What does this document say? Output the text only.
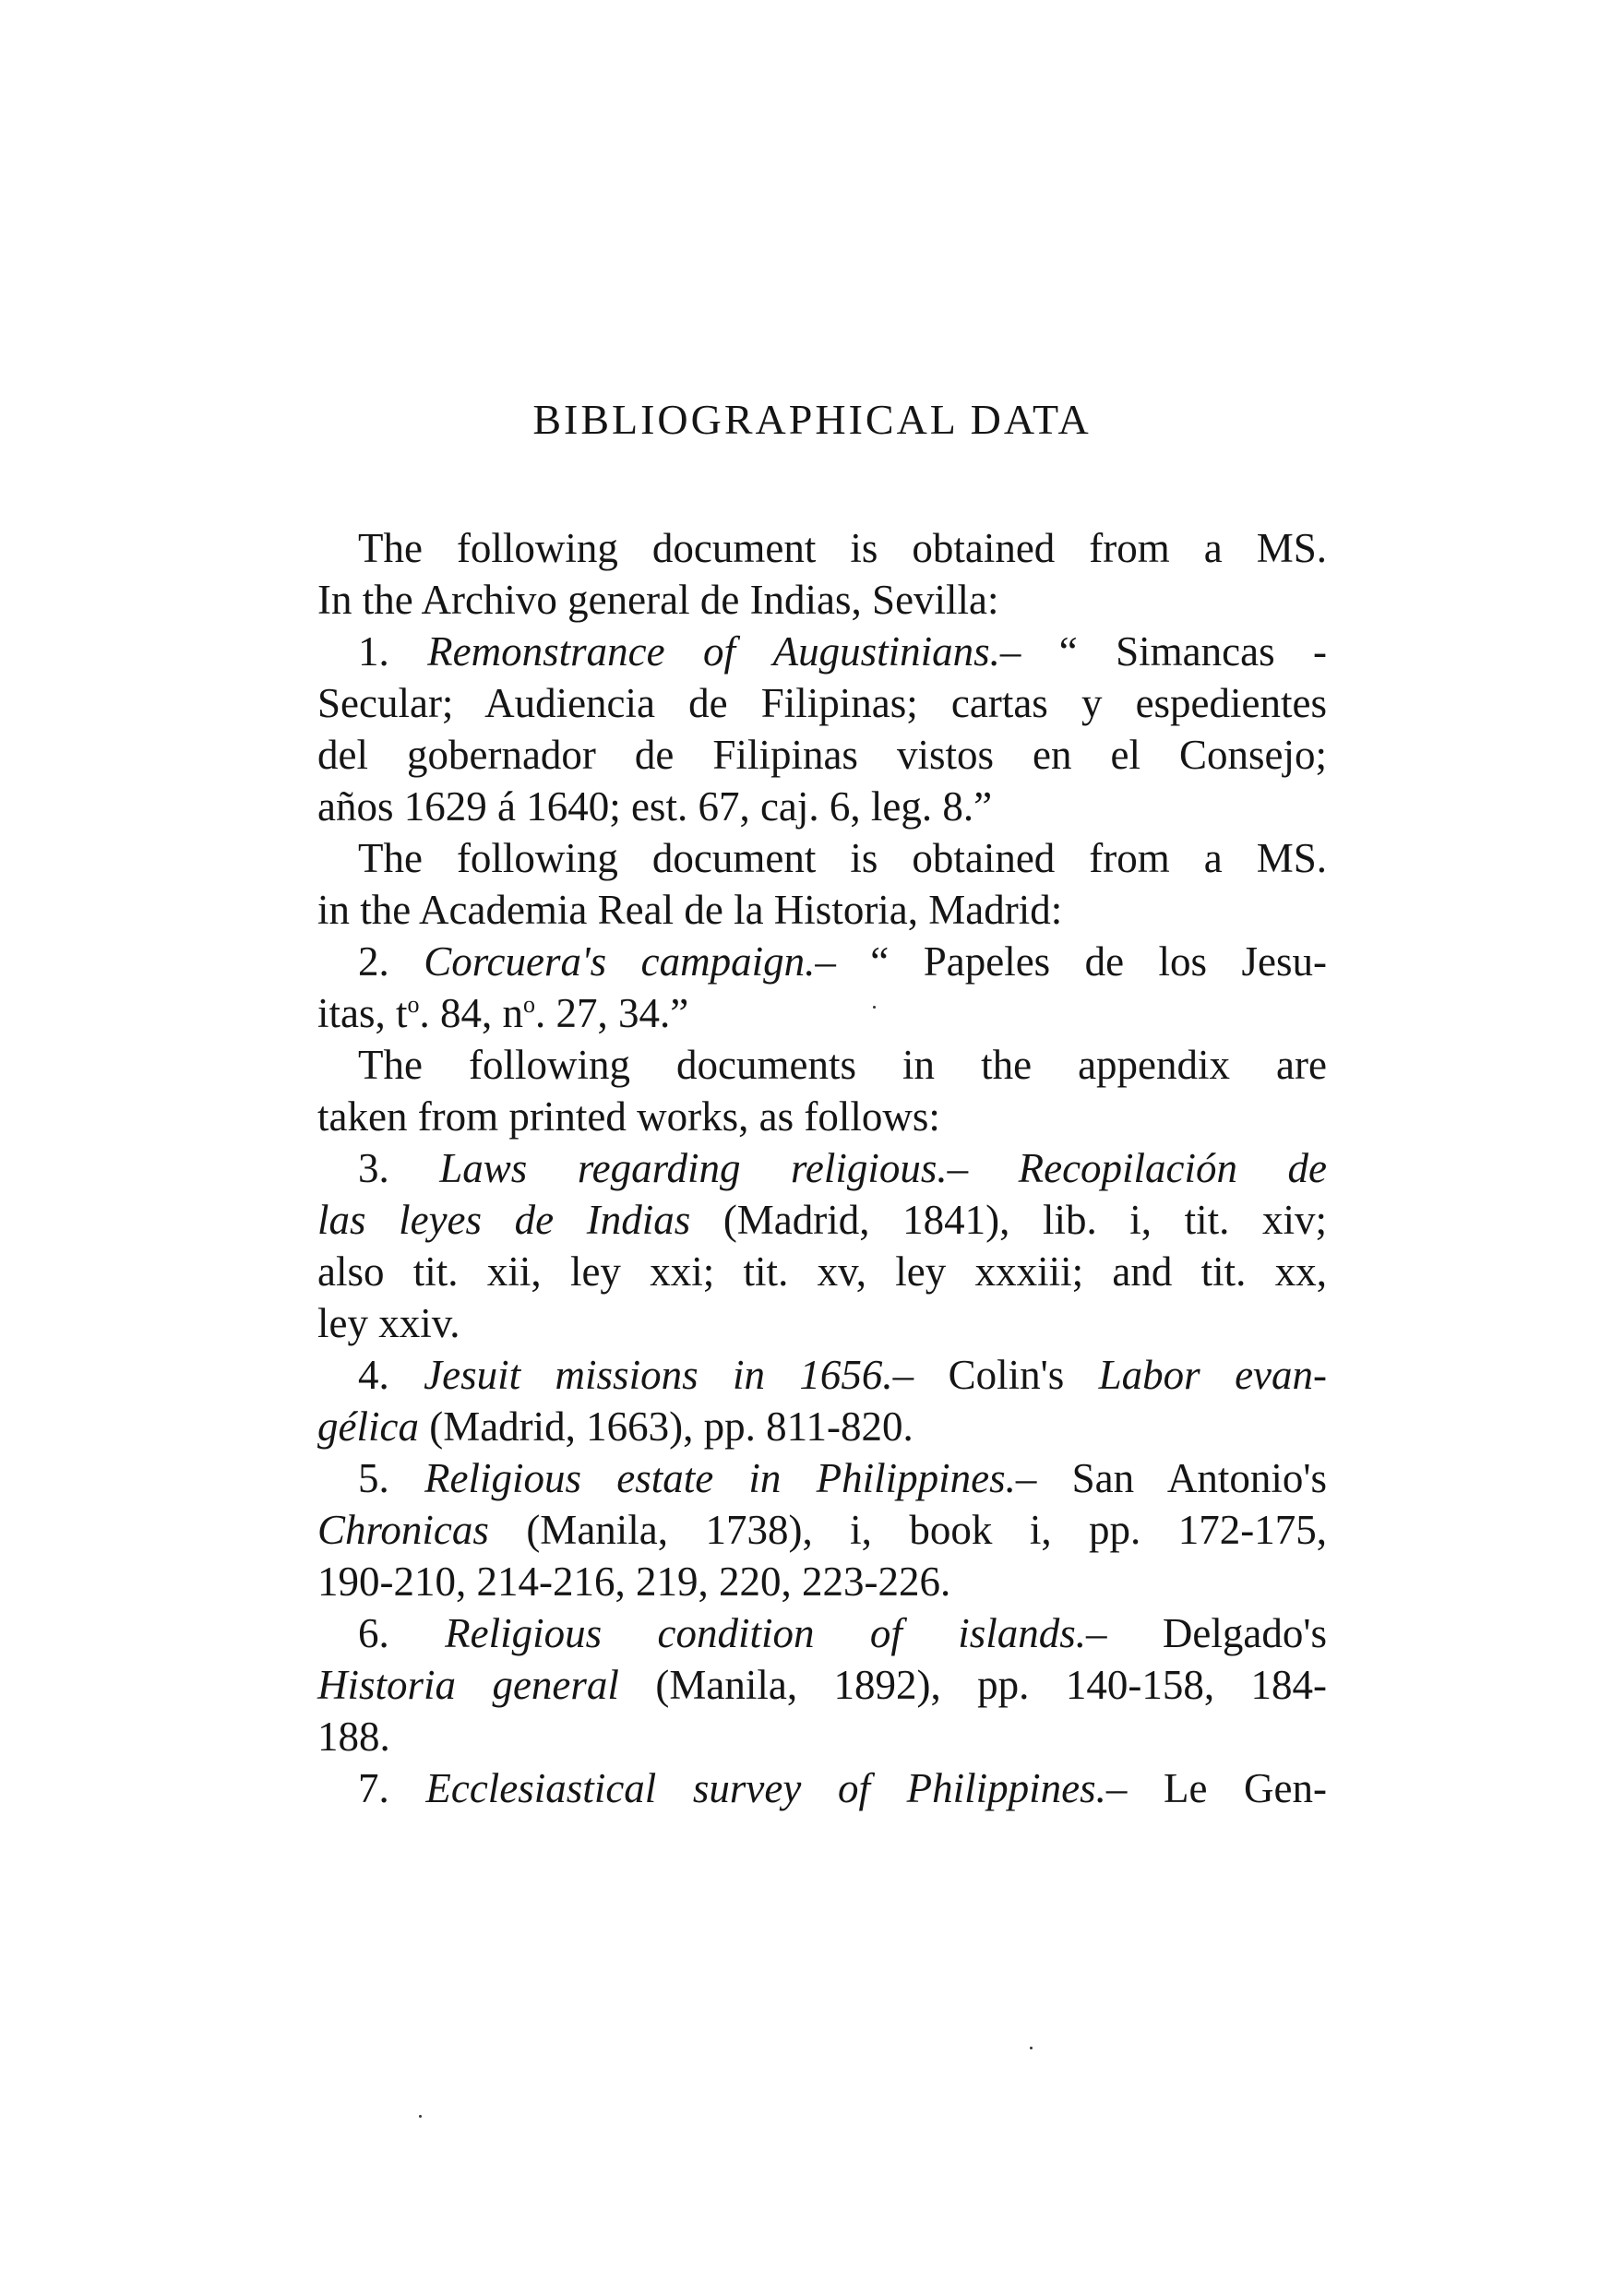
BIBLIOGRAPHICAL DATA

The following document is obtained from a MS.

In the Archivo general de Indias, Sevilla:

1. Remonstrance of Augustinians.– “ Simancas -

Secular; Audiencia de Filipinas; cartas y espedientes

del gobernador de Filipinas vistos en el Consejo;

años 1629 á 1640; est. 67, caj. 6, leg. 8.”

The following document is obtained from a MS.

in the Academia Real de la Historia, Madrid:

2. Corcuera's campaign.– “ Papeles de los Jesu-

itas, $t^o$. 84, $n^o$. 27, 34.”

The following documents in the appendix are

taken from printed works, as follows:

3. Laws regarding religious.– Recopilación de

las leyes de Indias (Madrid, 1841), lib. i, tit. xiv;

also tit. xii, ley xxi; tit. xv, ley xxxiii; and tit. xx,

ley xxiv.

4. Jesuit missions in 1656.– Colin's Labor evan-

gélica (Madrid, 1663), pp. 811-820.

5. Religious estate in Philippines.– San Antonio's

Chronicas (Manila, 1738), i, book i, pp. 172-175,

190-210, 214-216, 219, 220, 223-226.

6. Religious condition of islands.– Delgado's

Historia general (Manila, 1892), pp. 140-158, 184-

188.

7. Ecclesiastical survey of Philippines.– Le Gen-
